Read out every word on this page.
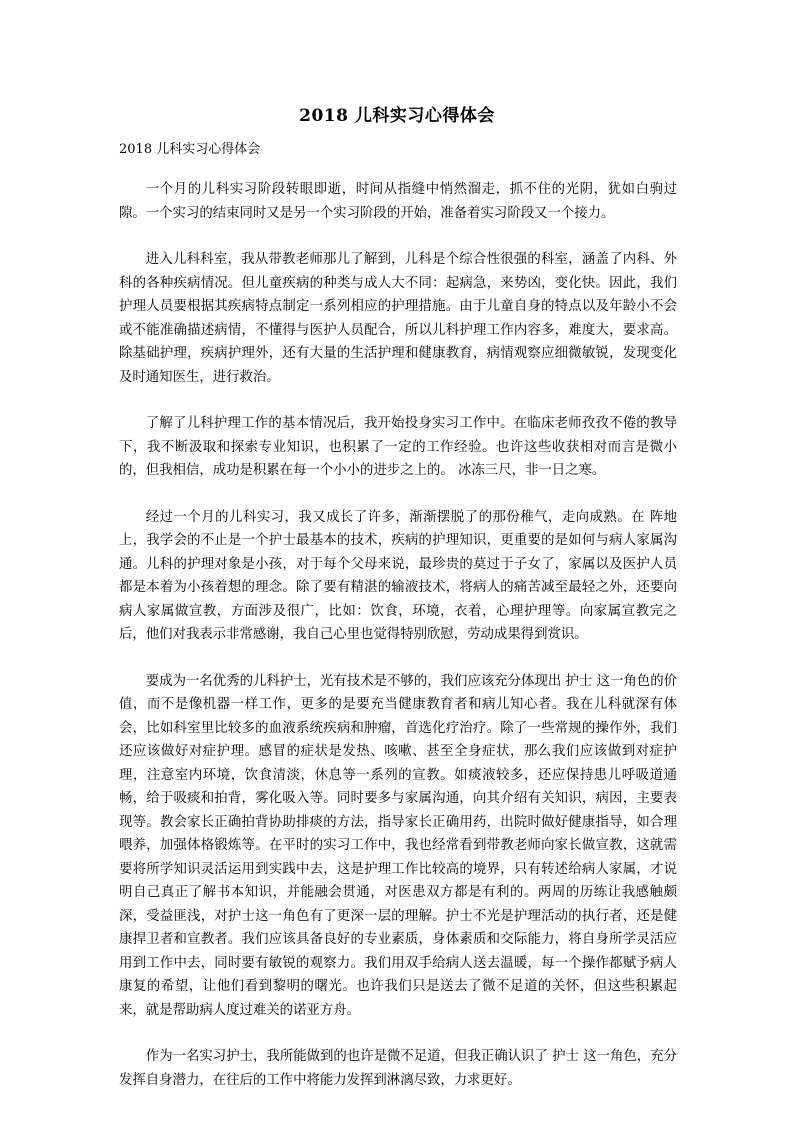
2018 儿科实习心得体会
2018 儿科实习心得体会

一个月的儿科实习阶段转眼即逝，时间从指缝中悄然溜走，抓不住的光阴，犹如白驹过隙。一个实习的结束同时又是另一个实习阶段的开始，准备着实习阶段又一个接力。

进入儿科科室，我从带教老师那儿了解到，儿科是个综合性很强的科室，涵盖了内科、外科的各种疾病情况。但儿童疾病的种类与成人大不同：起病急，来势凶，变化快。因此，我们护理人员要根据其疾病特点制定一系列相应的护理措施。由于儿童自身的特点以及年龄小不会或不能准确描述病情，不懂得与医护人员配合，所以儿科护理工作内容多，难度大，要求高。除基础护理，疾病护理外，还有大量的生活护理和健康教育，病情观察应细微敏锐，发现变化及时通知医生，进行救治。

了解了儿科护理工作的基本情况后，我开始投身实习工作中。在临床老师孜孜不倦的教导下，我不断汲取和探索专业知识，也积累了一定的工作经验。也许这些收获相对而言是微小的，但我相信，成功是积累在每一个小小的进步之上的。 冰冻三尺，非一日之寒。

经过一个月的儿科实习，我又成长了许多，渐渐摆脱了的那份稚气，走向成熟。在 阵地上，我学会的不止是一个护士最基本的技术，疾病的护理知识，更重要的是如何与病人家属沟通。儿科的护理对象是小孩，对于每个父母来说，最珍贵的莫过于子女了，家属以及医护人员都是本着为小孩着想的理念。除了要有精湛的输液技术，将病人的痛苦减至最轻之外，还要向病人家属做宣教，方面涉及很广，比如：饮食，环境，衣着，心理护理等。向家属宣教完之后，他们对我表示非常感谢，我自己心里也觉得特别欣慰，劳动成果得到赏识。

要成为一名优秀的儿科护士，光有技术是不够的，我们应该充分体现出 护士 这一角色的价值，而不是像机器一样工作，更多的是要充当健康教育者和病儿知心者。我在儿科就深有体会，比如科室里比较多的血液系统疾病和肿瘤，首选化疗治疗。除了一些常规的操作外，我们还应该做好对症护理。感冒的症状是发热、咳嗽、甚至全身症状，那么我们应该做到对症护理，注意室内环境，饮食清淡，休息等一系列的宣教。如痰液较多，还应保持患儿呼吸道通畅，给于吸痰和拍背，雾化吸入等。同时要多与家属沟通，向其介绍有关知识，病因，主要表现等。教会家长正确拍背协助排痰的方法，指导家长正确用药，出院时做好健康指导，如合理喂养，加强体格锻炼等。在平时的实习工作中，我也经常看到带教老师向家长做宣教，这就需要将所学知识灵活运用到实践中去，这是护理工作比较高的境界，只有转述给病人家属，才说明自己真正了解书本知识，并能融会贯通，对医患双方都是有利的。两周的历练让我感触颇深，受益匪浅，对护士这一角色有了更深一层的理解。护士不光是护理活动的执行者，还是健康捍卫者和宣教者。我们应该具备良好的专业素质，身体素质和交际能力，将自身所学灵活应用到工作中去，同时要有敏锐的观察力。我们用双手给病人送去温暖，每一个操作都赋予病人康复的希望，让他们看到黎明的曙光。也许我们只是送去了微不足道的关怀，但这些积累起来，就是帮助病人度过难关的诺亚方舟。

作为一名实习护士，我所能做到的也许是微不足道，但我正确认识了 护士 这一角色，充分发挥自身潜力，在往后的工作中将能力发挥到淋漓尽致，力求更好。
